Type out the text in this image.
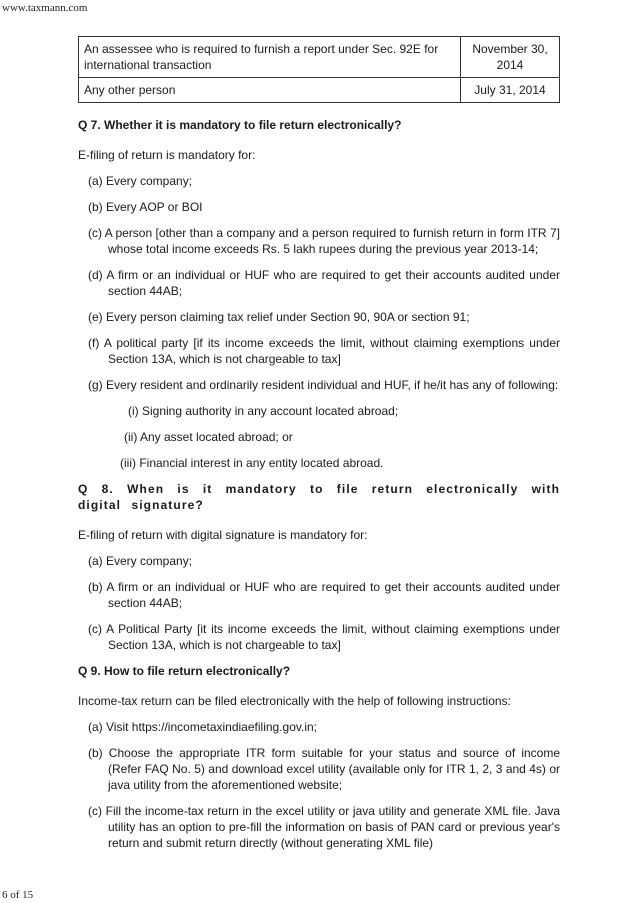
www.taxmann.com
An assessee who is required to furnish a report under Sec. 92E for international transaction	November 30, 2014
Any other person	July 31, 2014
Q 7. Whether it is mandatory to file return electronically?
E-filing of return is mandatory for:
(a) Every company;
(b) Every AOP or BOI
(c) A person [other than a company and a person required to furnish return in form ITR 7] whose total income exceeds Rs. 5 lakh rupees during the previous year 2013-14;
(d) A firm or an individual or HUF who are required to get their accounts audited under section 44AB;
(e) Every person claiming tax relief under Section 90, 90A or section 91;
(f) A political party [if its income exceeds the limit, without claiming exemptions under Section 13A, which is not chargeable to tax]
(g) Every resident and ordinarily resident individual and HUF, if he/it has any of following:
(i) Signing authority in any account located abroad;
(ii) Any asset located abroad; or
(iii) Financial interest in any entity located abroad.
Q 8. When is it mandatory to file return electronically with digital signature?
E-filing of return with digital signature is mandatory for:
(a) Every company;
(b) A firm or an individual or HUF who are required to get their accounts audited under section 44AB;
(c) A Political Party [it its income exceeds the limit, without claiming exemptions under Section 13A, which is not chargeable to tax]
Q 9. How to file return electronically?
Income-tax return can be filed electronically with the help of following instructions:
(a) Visit https://incometaxindiaefiling.gov.in;
(b) Choose the appropriate ITR form suitable for your status and source of income (Refer FAQ No. 5) and download excel utility (available only for ITR 1, 2, 3 and 4s) or java utility from the aforementioned website;
(c) Fill the income-tax return in the excel utility or java utility and generate XML file. Java utility has an option to pre-fill the information on basis of PAN card or previous year's return and submit return directly (without generating XML file)
6 of 15
